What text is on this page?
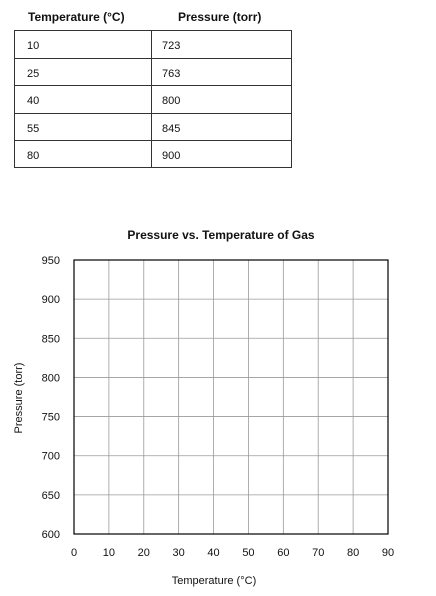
Temperature (°C)	Pressure (torr)
10	723
25	763
40	800
55	845
80	900
Pressure vs. Temperature of Gas
0 10 20 30 40 50 60 70 80 90
600
650
700
750
800
850
900
950
Temperature (°C)
Pressure (torr)
